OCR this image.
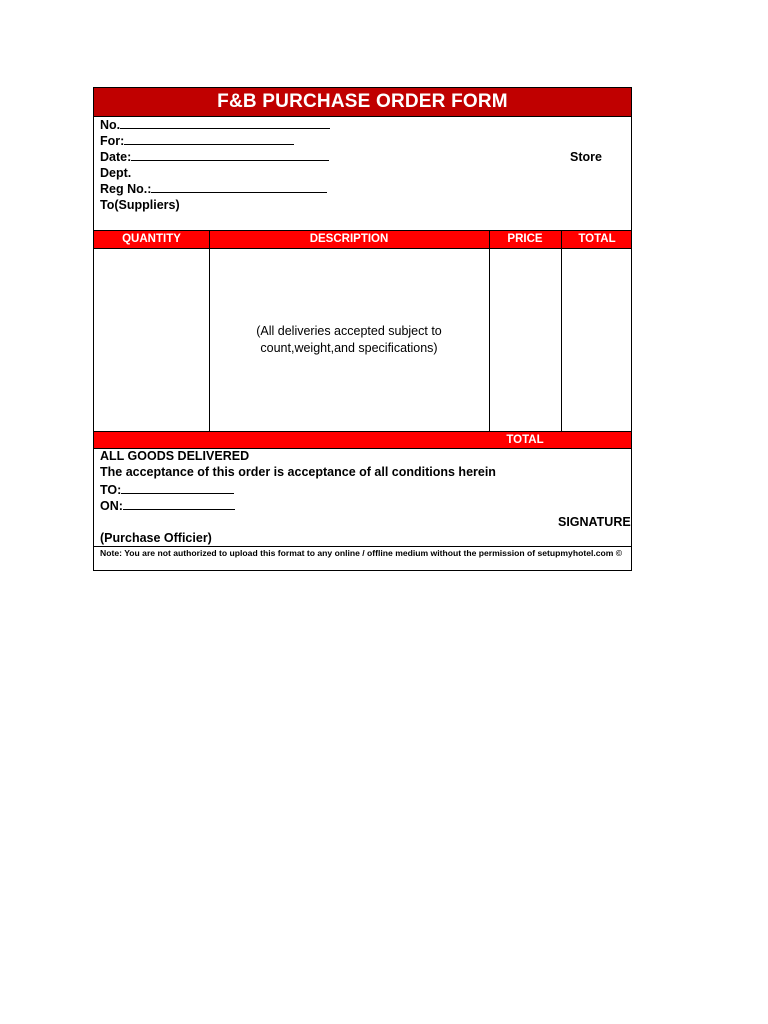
F&B PURCHASE ORDER FORM
No.
For:
Date:
Dept.
Reg No.:
To(Suppliers)
Store
QUANTITY	DESCRIPTION	PRICE	TOTAL
(All deliveries accepted subject to count,weight,and specifications)
TOTAL
ALL GOODS DELIVERED
The acceptance of this order is acceptance of all conditions herein
TO:
ON:
SIGNATURE
(Purchase Officier)
Note: You are not authorized to upload this format to any online / offline medium without the permission of setupmyhotel.com ©
